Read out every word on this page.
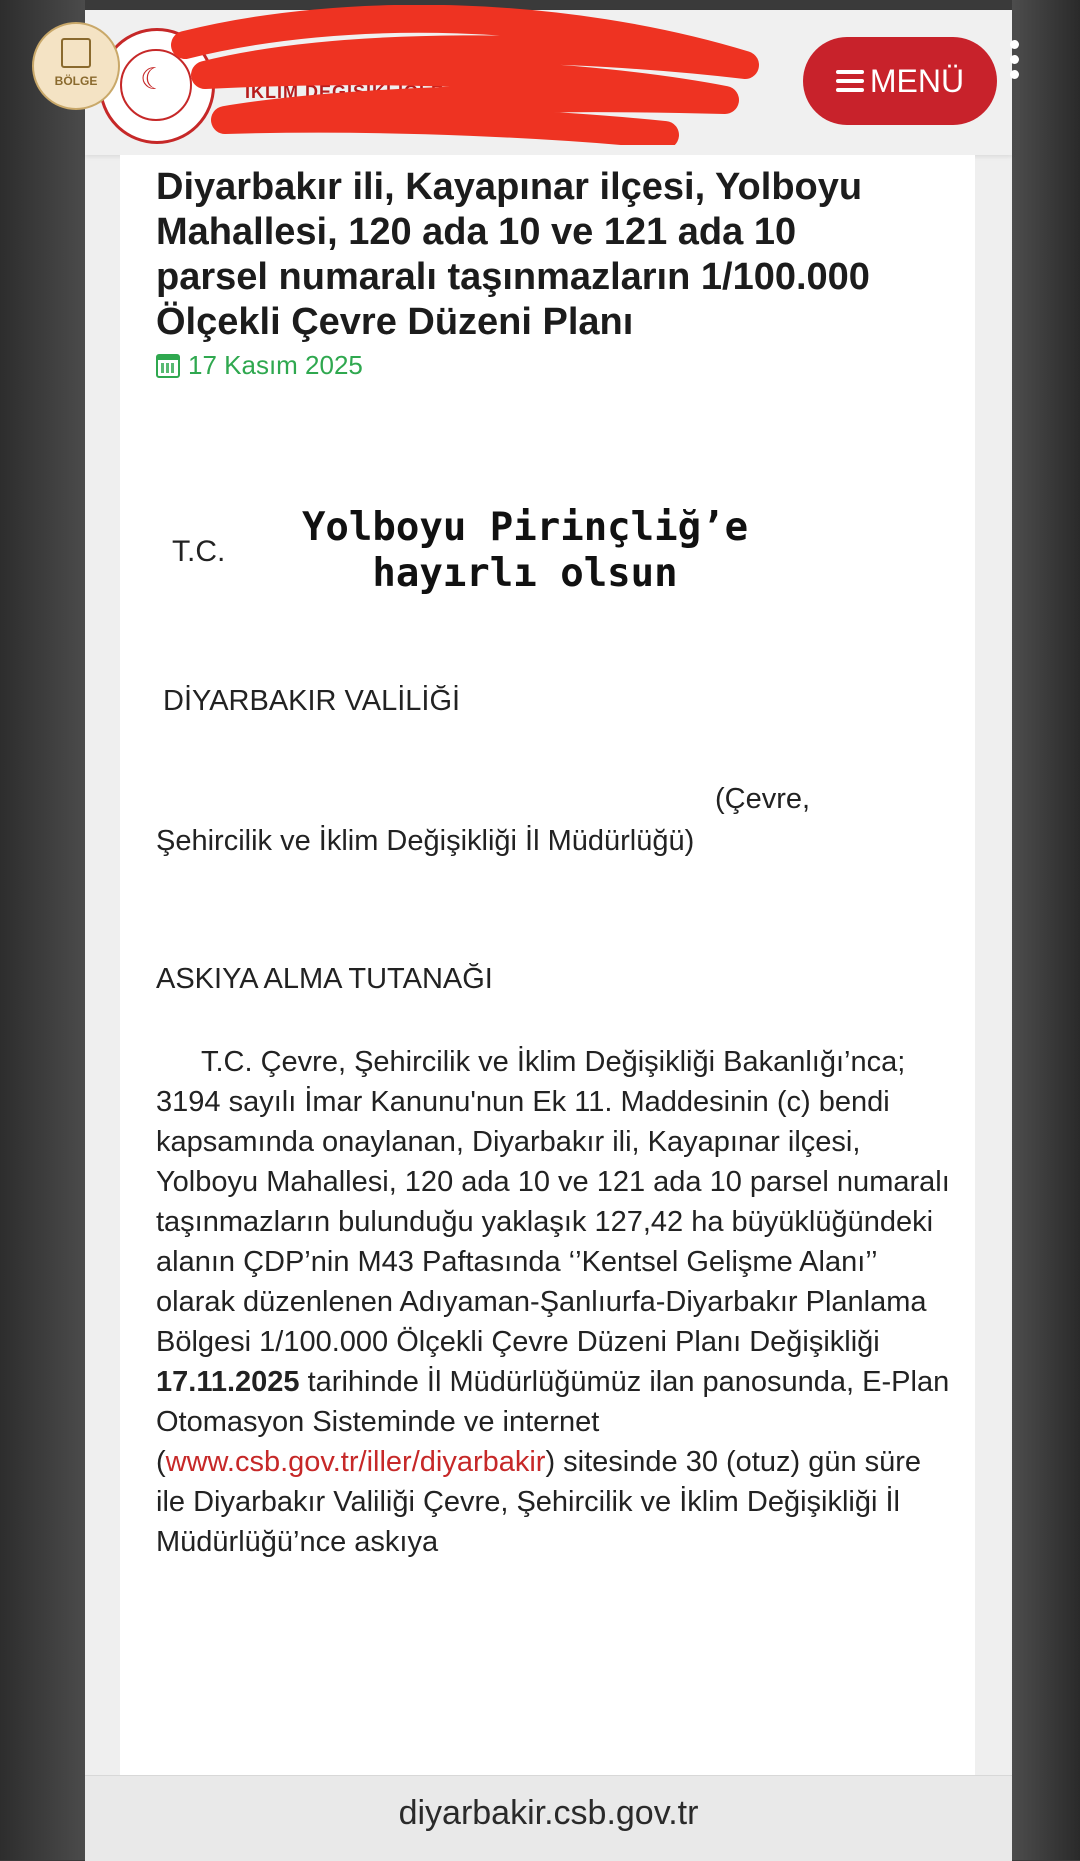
☾	İKLİM DEĞİŞİKLİĞİ BAKANLIĞI	MENÜ
Diyarbakır ili, Kayapınar ilçesi, Yolboyu Mahallesi, 120 ada 10 ve 121 ada 10 parsel numaralı taşınmazların 1/100.000 Ölçekli Çevre Düzeni Planı
17 Kasım 2025
T.C.
Yolboyu Pirinçliğ’e
hayırlı olsun
DİYARBAKIR VALİLİĞİ
(Çevre,
Şehircilik ve İklim Değişikliği İl Müdürlüğü)
ASKIYA ALMA TUTANAĞI

T.C. Çevre, Şehircilik ve İklim Değişikliği Bakanlığı’nca; 3194 sayılı İmar Kanunu'nun Ek 11. Maddesinin (c) bendi kapsamında onaylanan, Diyarbakır ili, Kayapınar ilçesi, Yolboyu Mahallesi, 120 ada 10 ve 121 ada 10 parsel numaralı taşınmazların bulunduğu yaklaşık 127,42 ha büyüklüğündeki alanın ÇDP’nin M43 Paftasında ‘’Kentsel Gelişme Alanı’’ olarak düzenlenen Adıyaman-Şanlıurfa-Diyarbakır Planlama Bölgesi 1/100.000 Ölçekli Çevre Düzeni Planı Değişikliği 17.11.2025 tarihinde İl Müdürlüğümüz ilan panosunda, E-Plan Otomasyon Sisteminde ve internet (www.csb.gov.tr/iller/diyarbakir) sitesinde 30 (otuz) gün süre ile Diyarbakır Valiliği Çevre, Şehircilik ve İklim Değişikliği İl Müdürlüğü’nce askıya

diyarbakir.csb.gov.tr
BÖLGE
